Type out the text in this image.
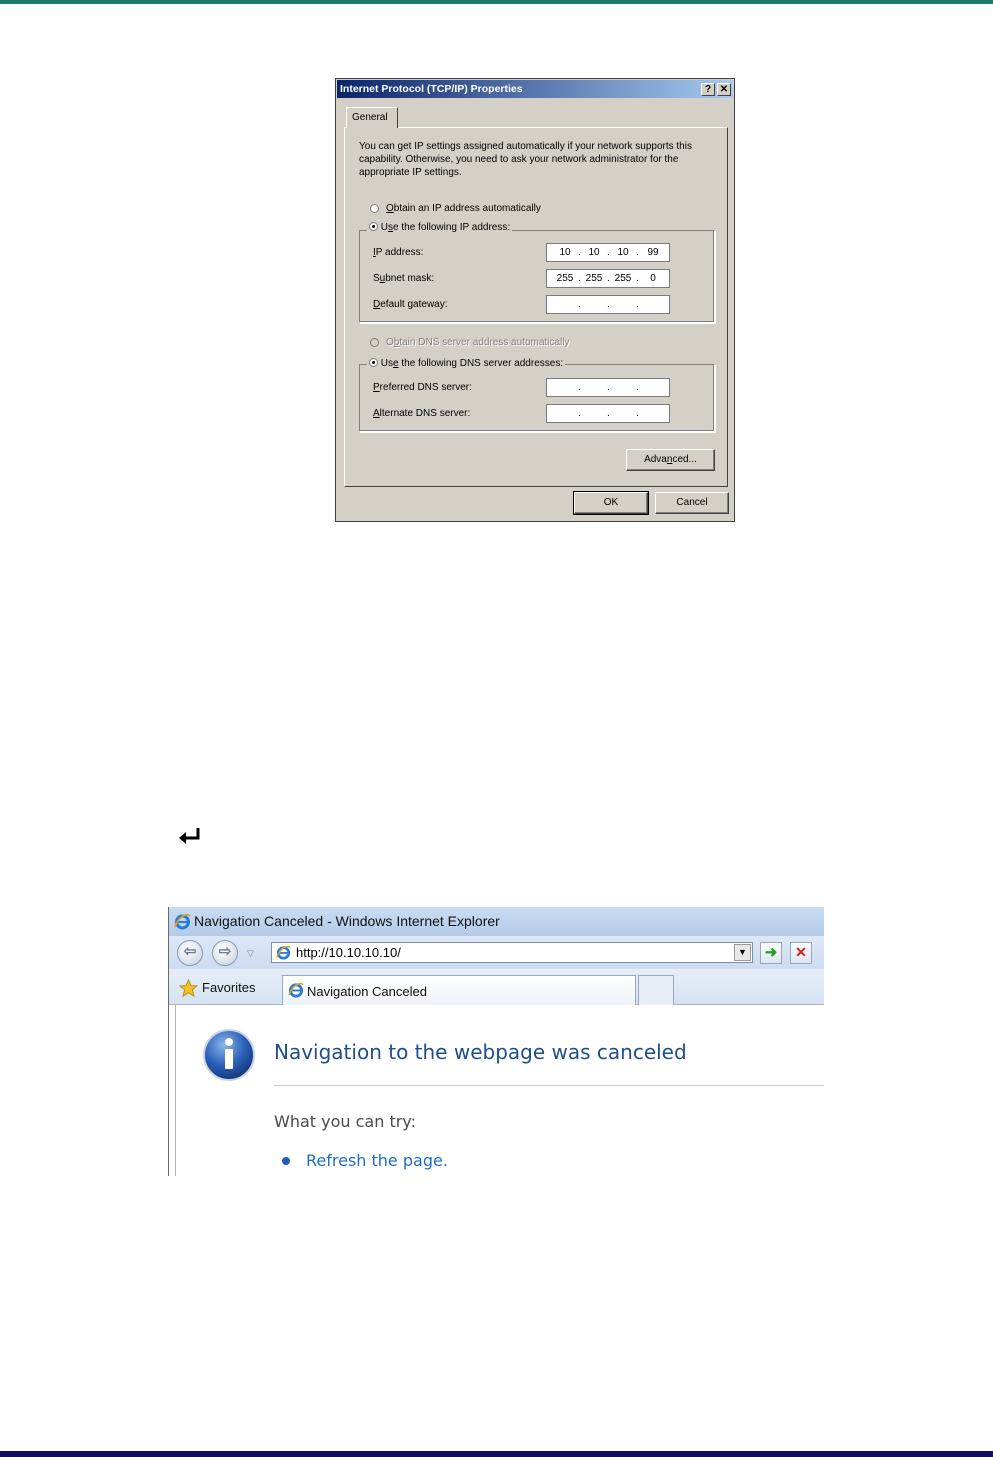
Internet Protocol (TCP/IP) Properties	? ✕
General
You can get IP settings assigned automatically if your network supports this capability. Otherwise, you need to ask your network administrator for the appropriate IP settings.
Obtain an IP address automatically
Use the following IP address:
IP address:	10 . 10 . 10 . 99
Subnet mask:	255 . 255 . 255 .	0
Default gateway:	.	.	.
Obtain DNS server address automatically
Use the following DNS server addresses:
Preferred DNS server:	.	.	.
Alternate DNS server:	.	.	.
Advanced...
OK	Cancel
Navigation Canceled - Windows Internet Explorer
⇦	⇨	▽	http://10.10.10.10/	▼	➜	✕
Favorites	Navigation Canceled
Navigation to the webpage was canceled
What you can try:
Refresh the page.
